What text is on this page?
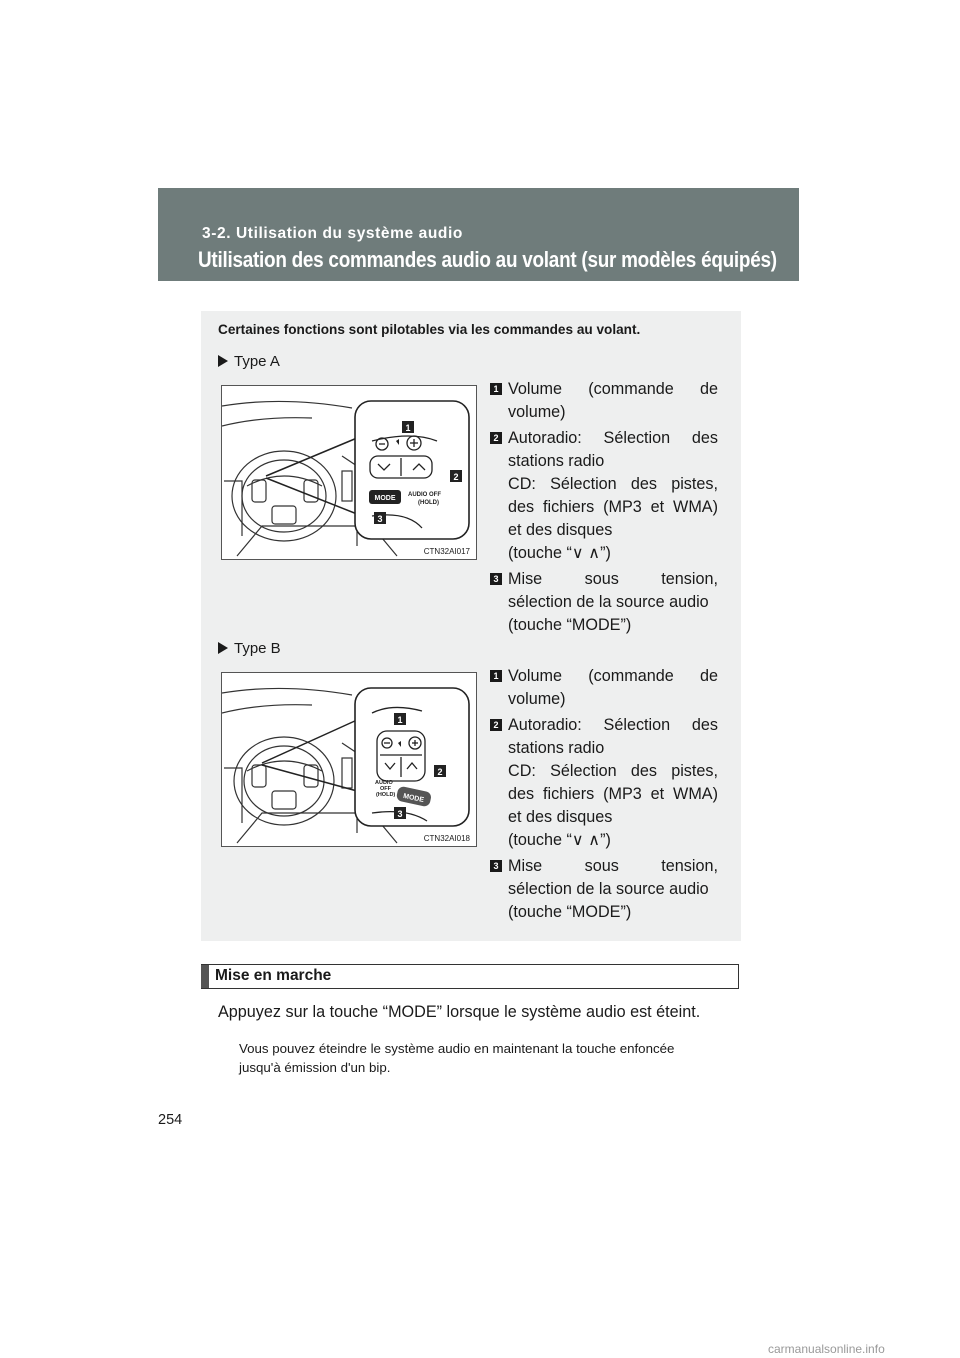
3-2. Utilisation du système audio
Utilisation des commandes audio au volant (sur modèles équipés)
Certaines fonctions sont pilotables via les commandes au volant.
Type A
MODE AUDIO OFF
(HOLD)
1
2
3
CTN32AI017
1 Volume (commande de
volume)
2 Autoradio: Sélection des
stations radio
CD: Sélection des pistes,
des fichiers (MP3 et WMA)
et des disques
(touche “∨ ∧”)
3 Mise sous tension,
sélection de la source audio
(touche “MODE”)
Type B
MODE
AUDIO
OFF
(HOLD)
1
2
3
CTN32AI018
1 Volume (commande de
volume)
2 Autoradio: Sélection des
stations radio
CD: Sélection des pistes,
des fichiers (MP3 et WMA)
et des disques
(touche “∨ ∧”)
3 Mise sous tension,
sélection de la source audio
(touche “MODE”)
Mise en marche
Appuyez sur la touche “MODE” lorsque le système audio est éteint.
Vous pouvez éteindre le système audio en maintenant la touche enfoncée
jusqu'à émission d'un bip.
254
carmanualsonline.info
